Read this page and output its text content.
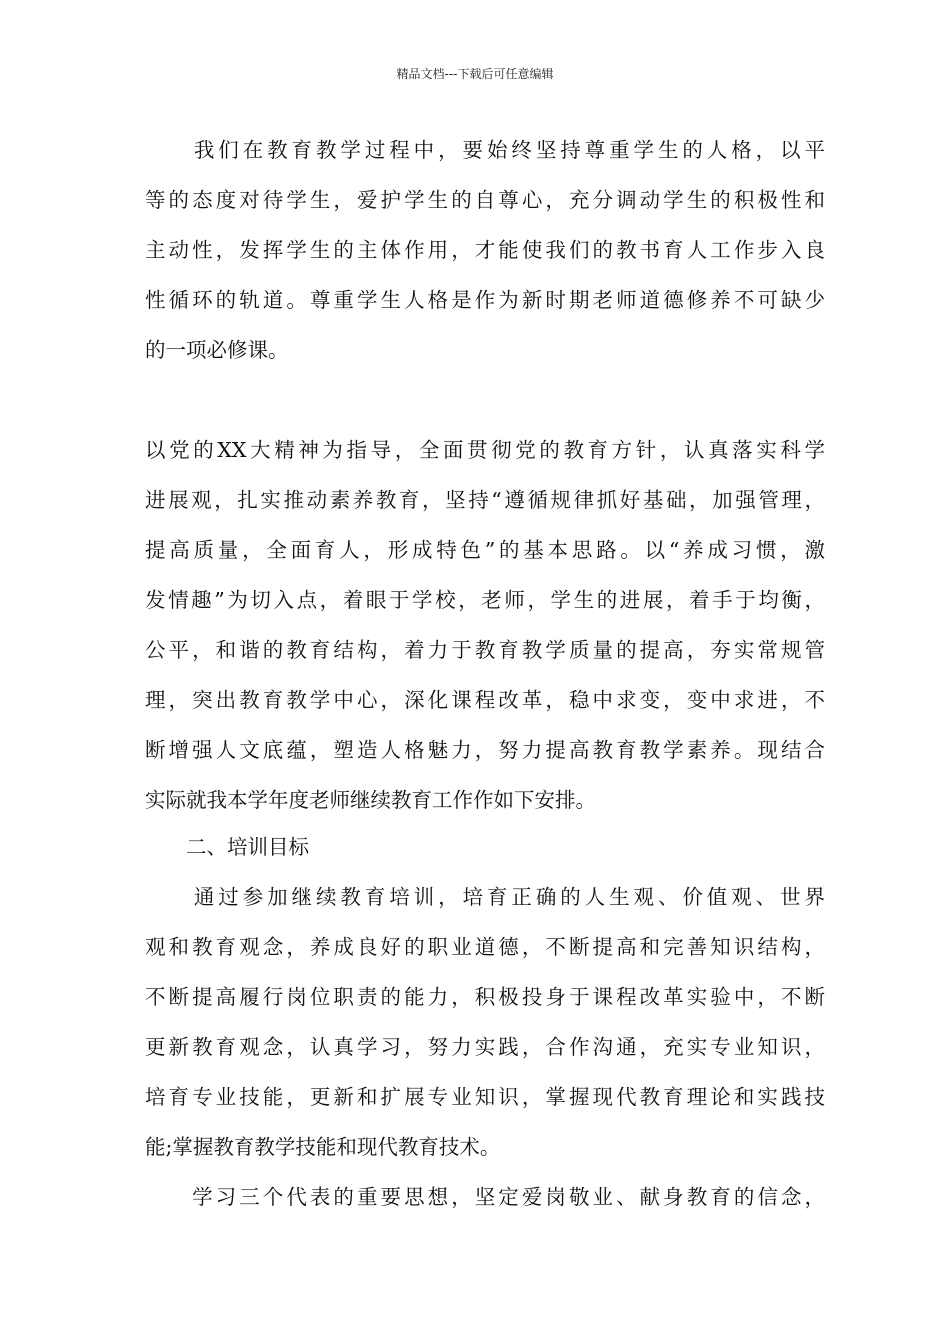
精品文档---下载后可任意编辑
　　我们在教育教学过程中，要始终坚持尊重学生的人格，以平
等的态度对待学生，爱护学生的自尊心，充分调动学生的积极性和
主动性，发挥学生的主体作用，才能使我们的教书育人工作步入良
性循环的轨道。尊重学生人格是作为新时期老师道德修养不可缺少
的一项必修课。
以党的XX大精神为指导，全面贯彻党的教育方针，认真落实科学
进展观，扎实推动素养教育，坚持“遵循规律抓好基础，加强管理，
提高质量，全面育人，形成特色”的基本思路。以“养成习惯，激
发情趣”为切入点，着眼于学校，老师，学生的进展，着手于均衡，
公平，和谐的教育结构，着力于教育教学质量的提高，夯实常规管
理，突出教育教学中心，深化课程改革，稳中求变，变中求进，不
断增强人文底蕴，塑造人格魅力，努力提高教育教学素养。现结合
实际就我本学年度老师继续教育工作作如下安排。
　　二、培训目标
　　通过参加继续教育培训，培育正确的人生观、价值观、世界
观和教育观念，养成良好的职业道德，不断提高和完善知识结构，
不断提高履行岗位职责的能力，积极投身于课程改革实验中，不断
更新教育观念，认真学习，努力实践，合作沟通，充实专业知识，
培育专业技能，更新和扩展专业知识，掌握现代教育理论和实践技
能;掌握教育教学技能和现代教育技术。
　　学习三个代表的重要思想，坚定爱岗敬业、献身教育的信念，
